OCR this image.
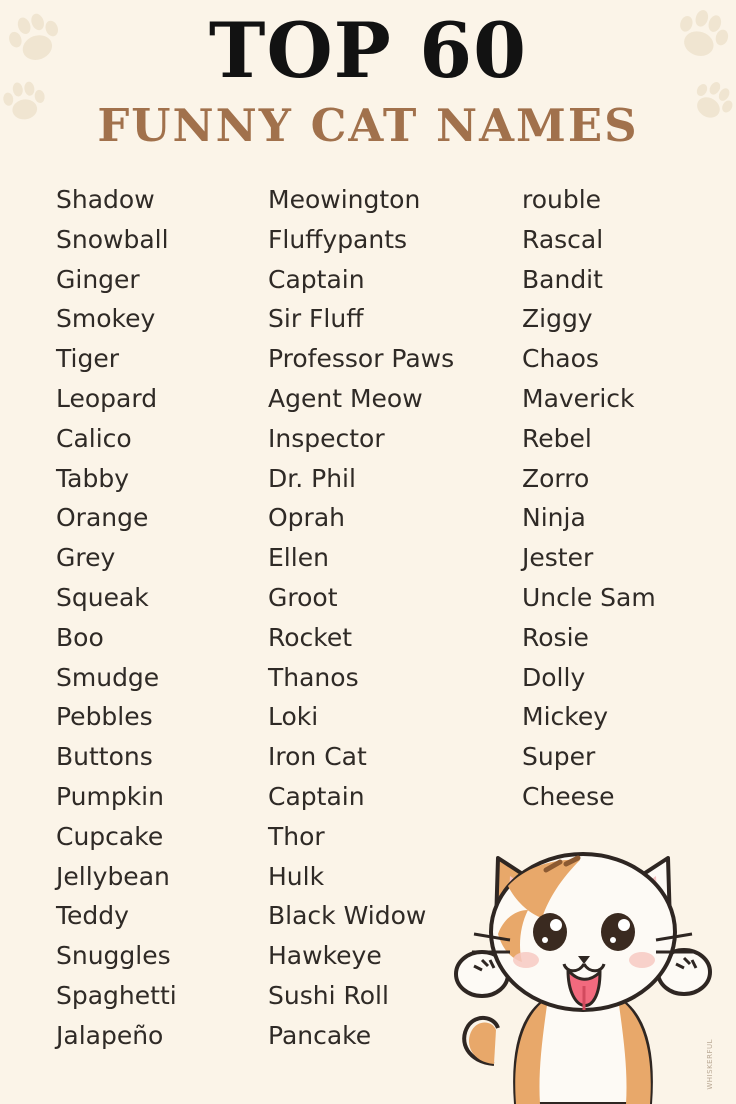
TOP 60
FUNNY CAT NAMES
Shadow
Snowball
Ginger
Smokey
Tiger
Leopard
Calico
Tabby
Orange
Grey
Squeak
Boo
Smudge
Pebbles
Buttons
Pumpkin
Cupcake
Jellybean
Teddy
Snuggles
Spaghetti
Jalapeño
Meowington
Fluffypants
Captain
Sir Fluff
Professor Paws
Agent Meow
Inspector
Dr. Phil
Oprah
Ellen
Groot
Rocket
Thanos
Loki
Iron Cat
Captain
Thor
Hulk
Black Widow
Hawkeye
Sushi Roll
Pancake
rouble
Rascal
Bandit
Ziggy
Chaos
Maverick
Rebel
Zorro
Ninja
Jester
Uncle Sam
Rosie
Dolly
Mickey
Super
Cheese
WHISKERFUL
